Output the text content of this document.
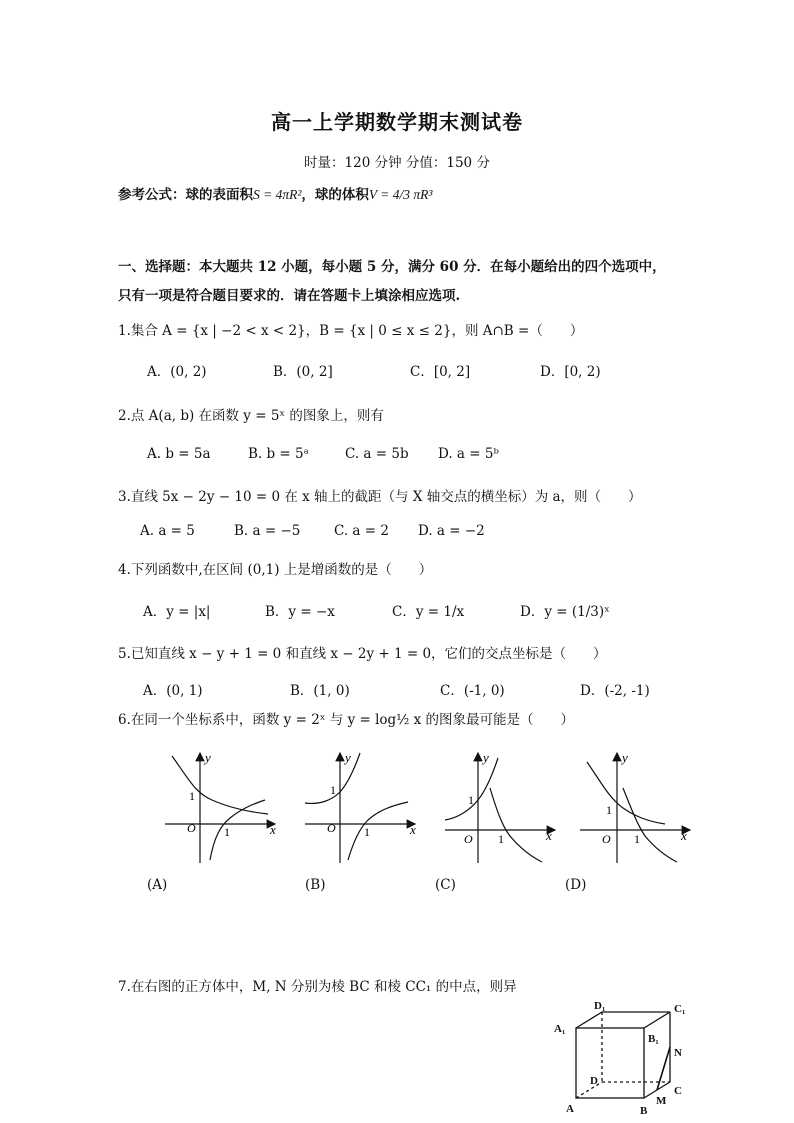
高一上学期数学期末测试卷
时量：120 分钟 分值：150 分
参考公式：球的表面积S = 4πR²，球的体积V = 4/3 πR³
一、选择题：本大题共 12 小题，每小题 5 分，满分 60 分．在每小题给出的四个选项中，
只有一项是符合题目要求的．请在答题卡上填涂相应选项.
1.集合 A = {x | −2 < x < 2}，B = {x | 0 ≤ x ≤ 2}，则 A∩B =（　　）
A．(0, 2)	B．(0, 2]	C．[0, 2]	D．[0, 2)
2.点 A(a, b) 在函数 y = 5ˣ 的图象上，则有
A. b = 5a	B. b = 5ᵃ	C. a = 5b D. a = 5ᵇ
3.直线 5x − 2y − 10 = 0 在 x 轴上的截距（与 X 轴交点的横坐标）为 a，则（　　）
A. a = 5	B. a = −5 C. a = 2 D. a = −2
4.下列函数中,在区间 (0,1) 上是增函数的是（　　）
A．y = |x|	B．y = −x	C．y = 1/x	D．y = (1/3)ˣ
5.已知直线 x − y + 1 = 0 和直线 x − 2y + 1 = 0，它们的交点坐标是（　　）
A．(0, 1)	B．(1, 0)	C．(-1, 0)	D．(-2, -1)
6.在同一个坐标系中，函数 y = 2ˣ 与 y = log½ x 的图象最可能是（　　）
y
x
O
1
1
y
x
O
1
1
y
x
O
1
1
y
x
O
1
1
(A)	(B)	(C)	(D)
7.在右图的正方体中，M, N 分别为棱 BC 和棱 CC₁ 的中点，则异
D₁	C₁
A₁
B₁
N
D
C
M
A	B
